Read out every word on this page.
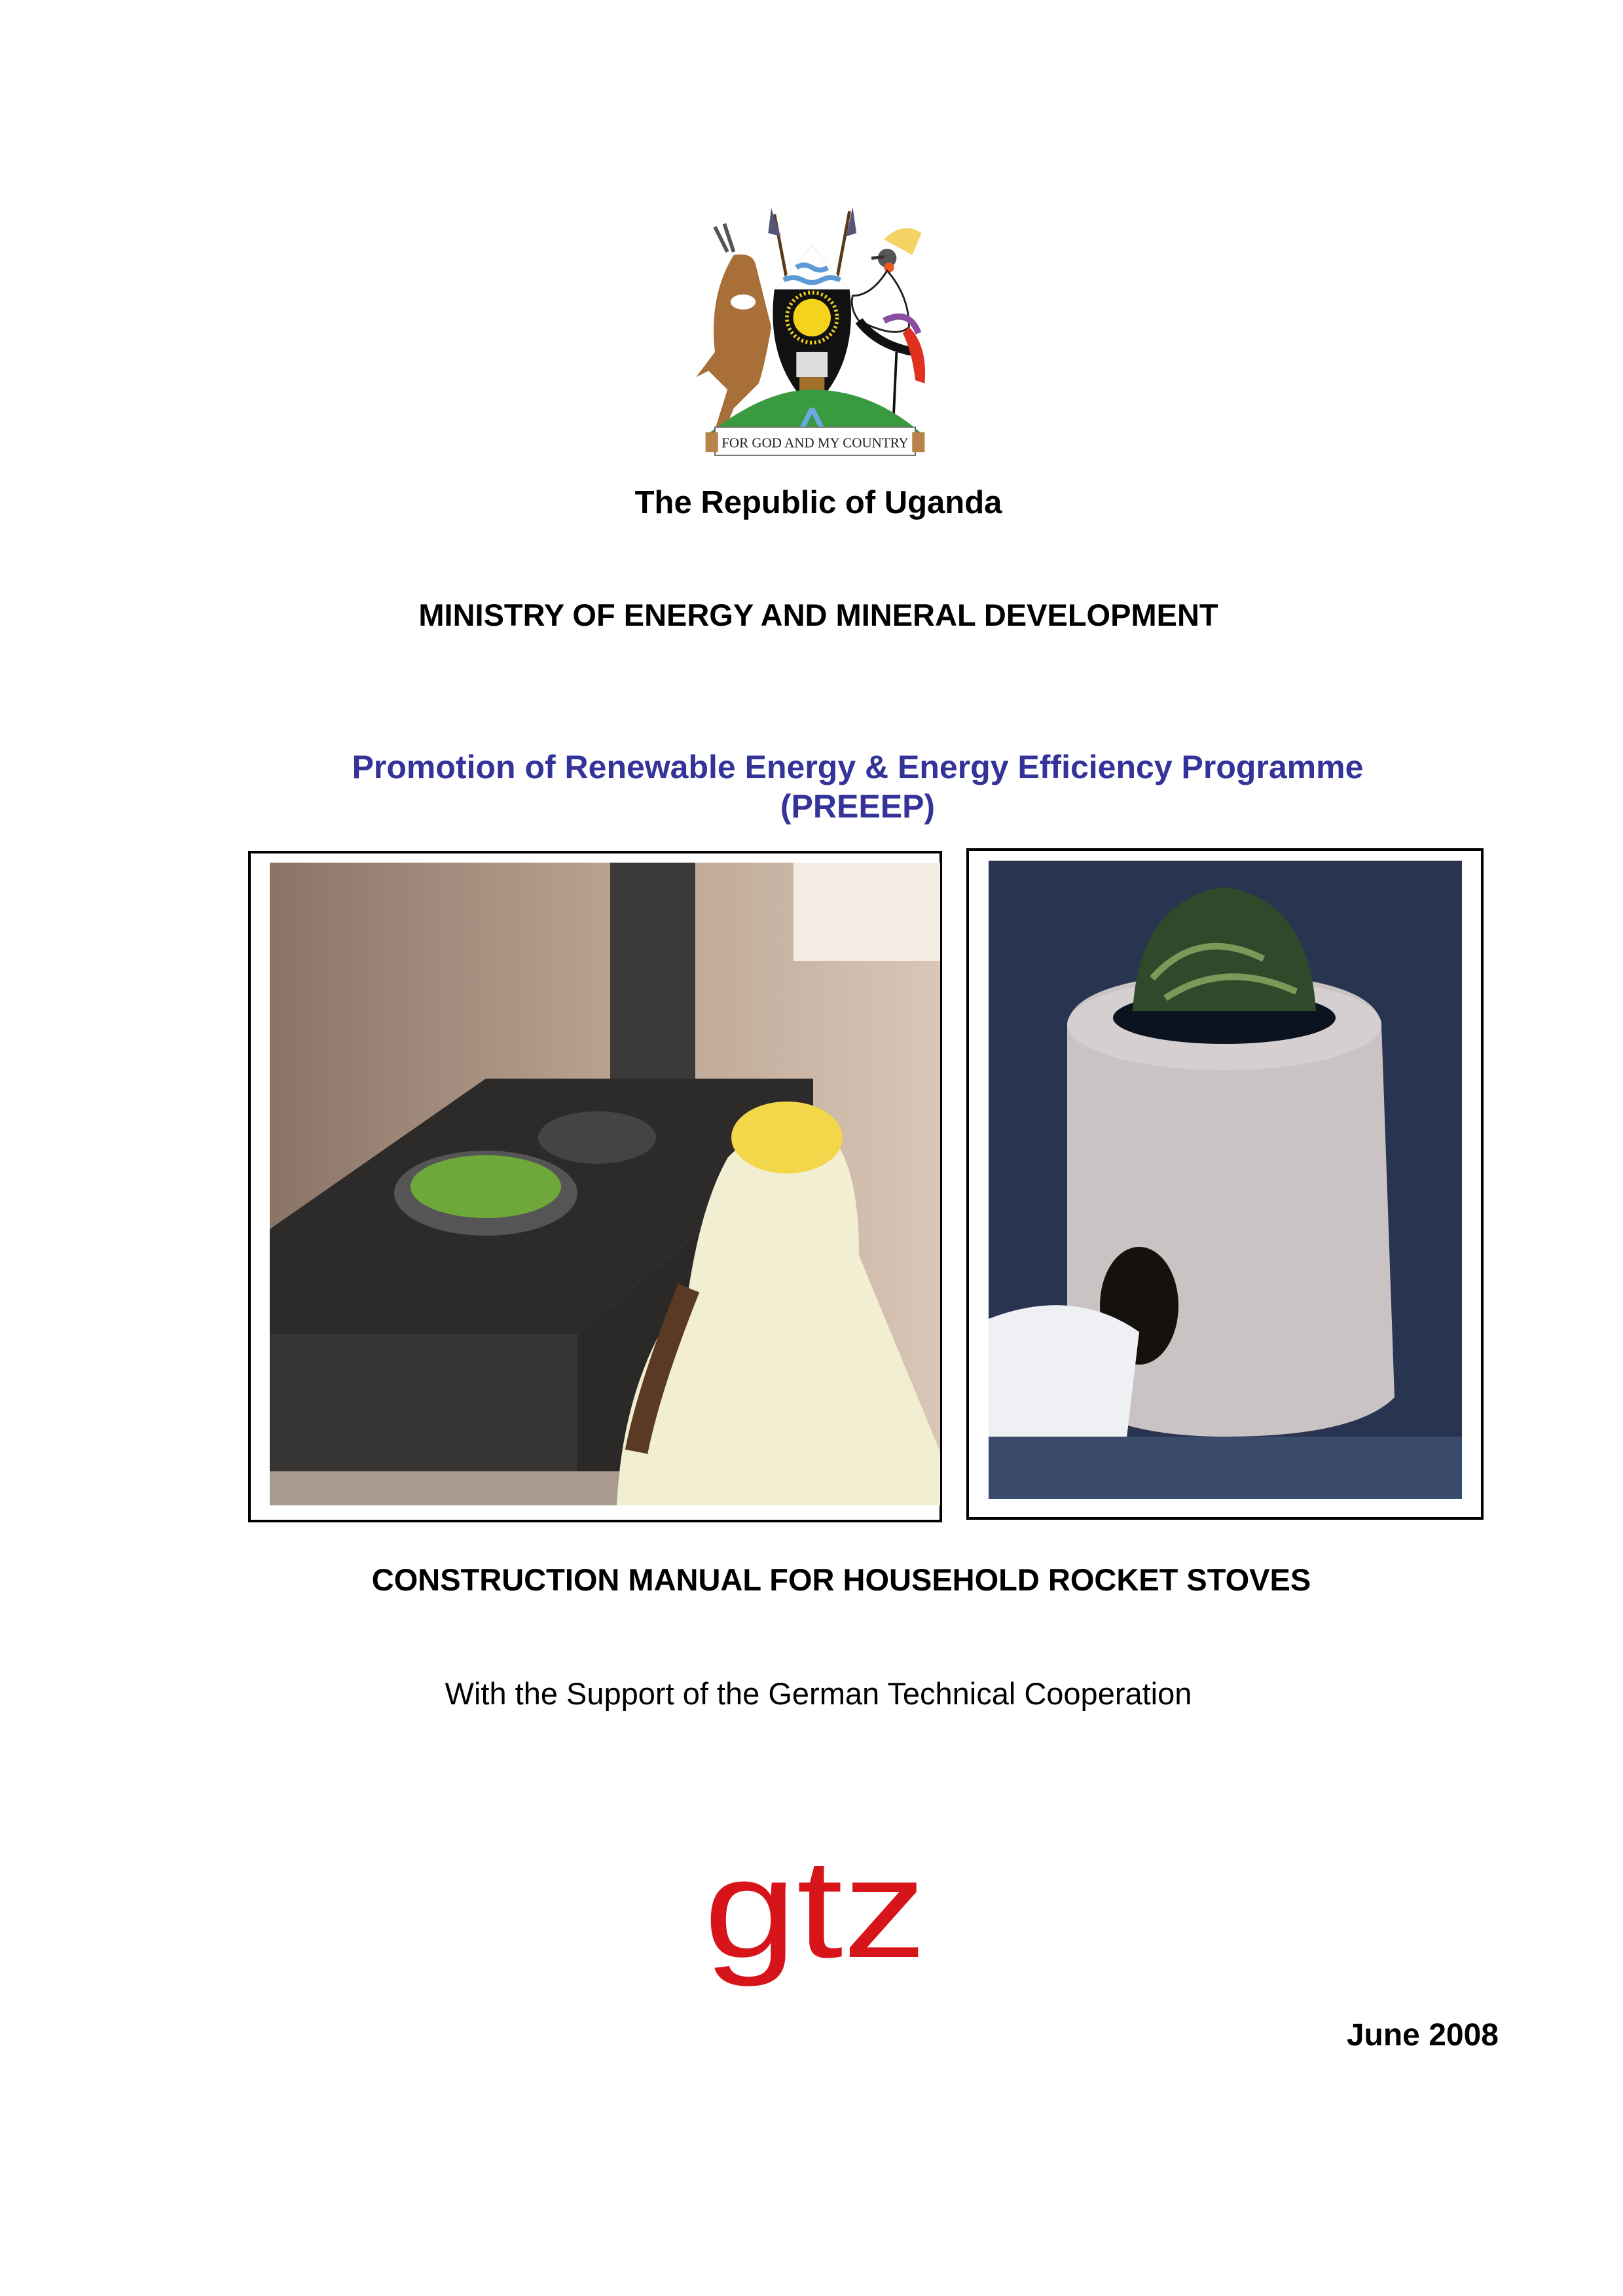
FOR GOD AND MY COUNTRY
The Republic of Uganda
MINISTRY OF ENERGY AND MINERAL DEVELOPMENT
Promotion of Renewable Energy & Energy Efficiency Programme
(PREEEP)
CONSTRUCTION MANUAL FOR HOUSEHOLD ROCKET STOVES
With the Support of the German Technical Cooperation
gtz
June 2008
